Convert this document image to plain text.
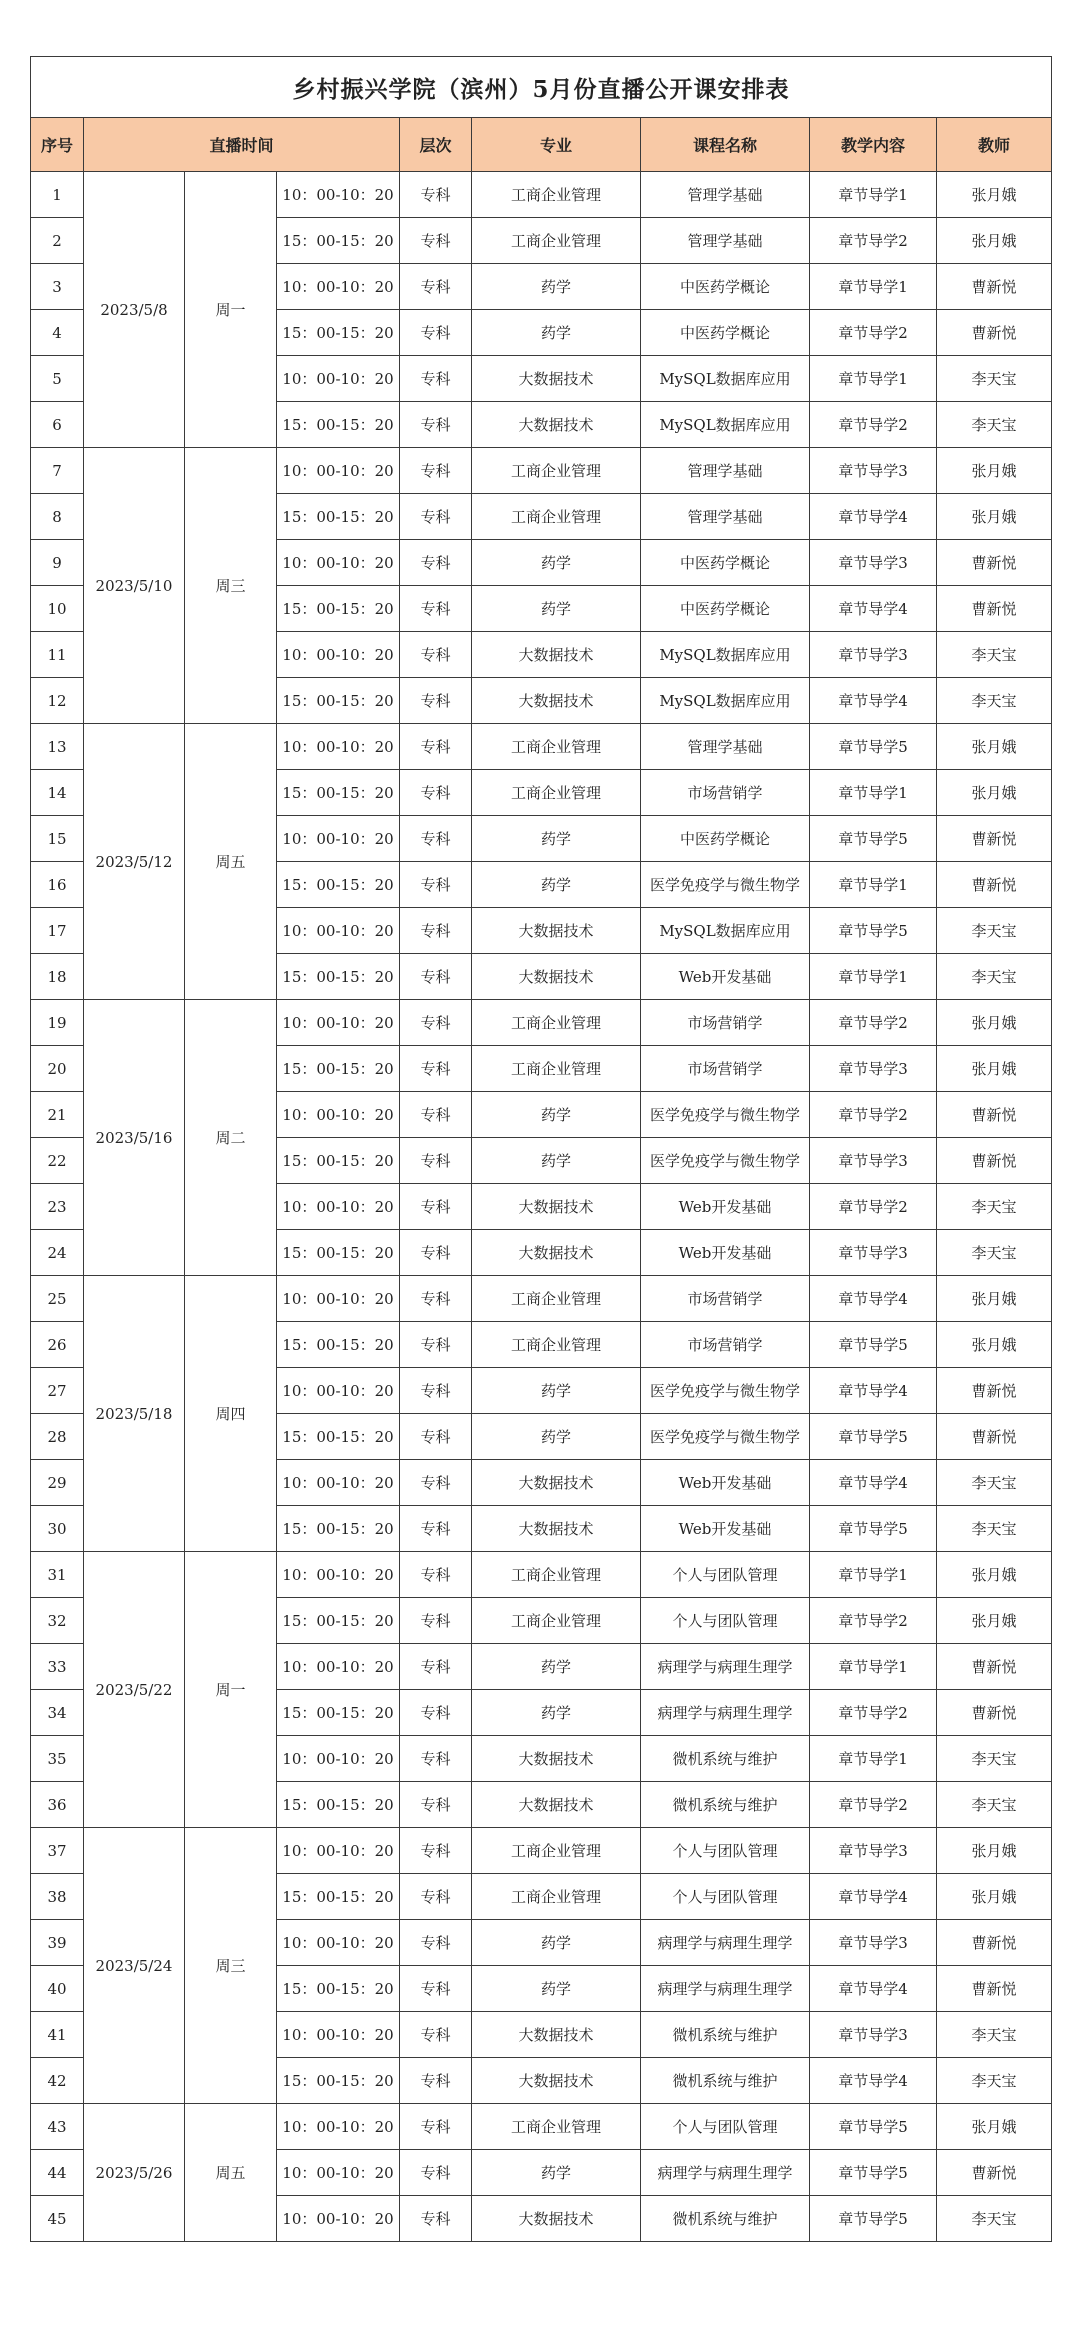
乡村振兴学院（滨州）5月份直播公开课安排表								
序号	直播时间			层次	专业	课程名称	教学内容	教师
1	2023/5/8	周一	10：00-10：20	专科	工商企业管理	管理学基础	章节导学1	张月娥
2			15：00-15：20	专科	工商企业管理	管理学基础	章节导学2	张月娥
3			10：00-10：20	专科	药学	中医药学概论	章节导学1	曹新悦
4			15：00-15：20	专科	药学	中医药学概论	章节导学2	曹新悦
5			10：00-10：20	专科	大数据技术	MySQL数据库应用	章节导学1	李天宝
6			15：00-15：20	专科	大数据技术	MySQL数据库应用	章节导学2	李天宝
7	2023/5/10	周三	10：00-10：20	专科	工商企业管理	管理学基础	章节导学3	张月娥
8			15：00-15：20	专科	工商企业管理	管理学基础	章节导学4	张月娥
9			10：00-10：20	专科	药学	中医药学概论	章节导学3	曹新悦
10			15：00-15：20	专科	药学	中医药学概论	章节导学4	曹新悦
11			10：00-10：20	专科	大数据技术	MySQL数据库应用	章节导学3	李天宝
12			15：00-15：20	专科	大数据技术	MySQL数据库应用	章节导学4	李天宝
13	2023/5/12	周五	10：00-10：20	专科	工商企业管理	管理学基础	章节导学5	张月娥
14			15：00-15：20	专科	工商企业管理	市场营销学	章节导学1	张月娥
15			10：00-10：20	专科	药学	中医药学概论	章节导学5	曹新悦
16			15：00-15：20	专科	药学	医学免疫学与微生物学	章节导学1	曹新悦
17			10：00-10：20	专科	大数据技术	MySQL数据库应用	章节导学5	李天宝
18			15：00-15：20	专科	大数据技术	Web开发基础	章节导学1	李天宝
19	2023/5/16	周二	10：00-10：20	专科	工商企业管理	市场营销学	章节导学2	张月娥
20			15：00-15：20	专科	工商企业管理	市场营销学	章节导学3	张月娥
21			10：00-10：20	专科	药学	医学免疫学与微生物学	章节导学2	曹新悦
22			15：00-15：20	专科	药学	医学免疫学与微生物学	章节导学3	曹新悦
23			10：00-10：20	专科	大数据技术	Web开发基础	章节导学2	李天宝
24			15：00-15：20	专科	大数据技术	Web开发基础	章节导学3	李天宝
25	2023/5/18	周四	10：00-10：20	专科	工商企业管理	市场营销学	章节导学4	张月娥
26			15：00-15：20	专科	工商企业管理	市场营销学	章节导学5	张月娥
27			10：00-10：20	专科	药学	医学免疫学与微生物学	章节导学4	曹新悦
28			15：00-15：20	专科	药学	医学免疫学与微生物学	章节导学5	曹新悦
29			10：00-10：20	专科	大数据技术	Web开发基础	章节导学4	李天宝
30			15：00-15：20	专科	大数据技术	Web开发基础	章节导学5	李天宝
31	2023/5/22	周一	10：00-10：20	专科	工商企业管理	个人与团队管理	章节导学1	张月娥
32			15：00-15：20	专科	工商企业管理	个人与团队管理	章节导学2	张月娥
33			10：00-10：20	专科	药学	病理学与病理生理学	章节导学1	曹新悦
34			15：00-15：20	专科	药学	病理学与病理生理学	章节导学2	曹新悦
35			10：00-10：20	专科	大数据技术	微机系统与维护	章节导学1	李天宝
36			15：00-15：20	专科	大数据技术	微机系统与维护	章节导学2	李天宝
37	2023/5/24	周三	10：00-10：20	专科	工商企业管理	个人与团队管理	章节导学3	张月娥
38			15：00-15：20	专科	工商企业管理	个人与团队管理	章节导学4	张月娥
39			10：00-10：20	专科	药学	病理学与病理生理学	章节导学3	曹新悦
40			15：00-15：20	专科	药学	病理学与病理生理学	章节导学4	曹新悦
41			10：00-10：20	专科	大数据技术	微机系统与维护	章节导学3	李天宝
42			15：00-15：20	专科	大数据技术	微机系统与维护	章节导学4	李天宝
43	2023/5/26	周五	10：00-10：20	专科	工商企业管理	个人与团队管理	章节导学5	张月娥
44			10：00-10：20	专科	药学	病理学与病理生理学	章节导学5	曹新悦
45			10：00-10：20	专科	大数据技术	微机系统与维护	章节导学5	李天宝
